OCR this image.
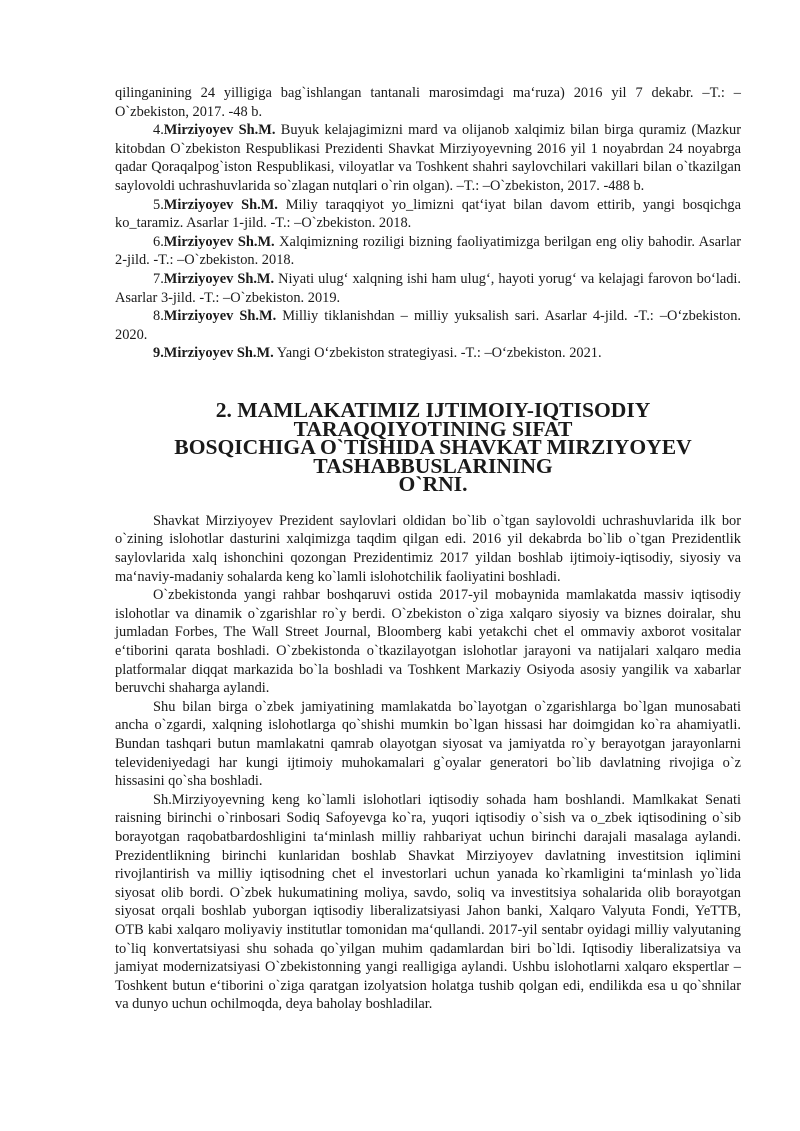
qilinganining 24 yilligiga bag`ishlangan tantanali marosimdagi ma‘ruza) 2016 yil 7 dekabr. –T.: –O`zbekiston, 2017. -48 b.

4.Mirziyoyev Sh.M. Buyuk kelajagimizni mard va olijanob xalqimiz bilan birga quramiz (Mazkur kitobdan O`zbekiston Respublikasi Prezidenti Shavkat Mirziyoyevning 2016 yil 1 noyabrdan 24 noyabrga qadar Qoraqalpog`iston Respublikasi, viloyatlar va Toshkent shahri saylovchilari vakillari bilan o`tkazilgan saylovoldi uchrashuvlarida so`zlagan nutqlari o`rin olgan). –T.: –O`zbekiston, 2017. -488 b.

5.Mirziyoyev Sh.M. Miliy taraqqiyot yo_limizni qat‘iyat bilan davom ettirib, yangi bosqichga ko_taramiz. Asarlar 1-jild. -T.: –O`zbekiston. 2018.

6.Mirziyoyev Sh.M. Xalqimizning roziligi bizning faoliyatimizga berilgan eng oliy bahodir. Asarlar 2-jild. -T.: –O`zbekiston. 2018.

7.Mirziyoyev Sh.M. Niyati ulug‘ xalqning ishi ham ulug‘, hayoti yorug‘ va kelajagi farovon bo‘ladi. Asarlar 3-jild. -T.: –O`zbekiston. 2019.

8.Mirziyoyev Sh.M. Milliy tiklanishdan – milliy yuksalish sari. Asarlar 4-jild. -T.: –O‘zbekiston. 2020.

9.Mirziyoyev Sh.M. Yangi O‘zbekiston strategiyasi. -T.: –O‘zbekiston. 2021.

2. MAMLAKATIMIZ IJTIMOIY-IQTISODIY TARAQQIYOTINING SIFAT
BOSQICHIGA O`TISHIDA SHAVKAT MIRZIYOYEV TASHABBUSLARINING
O`RNI.

Shavkat Mirziyoyev Prezident saylovlari oldidan bo`lib o`tgan saylovoldi uchrashuvlarida ilk bor o`zining islohotlar dasturini xalqimizga taqdim qilgan edi. 2016 yil dekabrda bo`lib o`tgan Prezidentlik saylovlarida xalq ishonchini qozongan Prezidentimiz 2017 yildan boshlab ijtimoiy-iqtisodiy, siyosiy va ma‘naviy-madaniy sohalarda keng ko`lamli islohotchilik faoliyatini boshladi.

O`zbekistonda yangi rahbar boshqaruvi ostida 2017-yil mobaynida mamlakatda massiv iqtisodiy islohotlar va dinamik o`zgarishlar ro`y berdi. O`zbekiston o`ziga xalqaro siyosiy va biznes doiralar, shu jumladan Forbes, The Wall Street Journal, Bloomberg kabi yetakchi chet el ommaviy axborot vositalar e‘tiborini qarata boshladi. O`zbekistonda o`tkazilayotgan islohotlar jarayoni va natijalari xalqaro media platformalar diqqat markazida bo`la boshladi va Toshkent Markaziy Osiyoda asosiy yangilik va xabarlar beruvchi shaharga aylandi.

Shu bilan birga o`zbek jamiyatining mamlakatda bo`layotgan o`zgarishlarga bo`lgan munosabati ancha o`zgardi, xalqning islohotlarga qo`shishi mumkin bo`lgan hissasi har doimgidan ko`ra ahamiyatli. Bundan tashqari butun mamlakatni qamrab olayotgan siyosat va jamiyatda ro`y berayotgan jarayonlarni televideniyedagi har kungi ijtimoiy muhokamalari g`oyalar generatori bo`lib davlatning rivojiga o`z hissasini qo`sha boshladi.

Sh.Mirziyoyevning keng ko`lamli islohotlari iqtisodiy sohada ham boshlandi. Mamlkakat Senati raisning birinchi o`rinbosari Sodiq Safoyevga ko`ra, yuqori iqtisodiy o`sish va o_zbek iqtisodining o`sib borayotgan raqobatbardoshligini ta‘minlash milliy rahbariyat uchun birinchi darajali masalaga aylandi. Prezidentlikning birinchi kunlaridan boshlab Shavkat Mirziyoyev davlatning investitsion iqlimini rivojlantirish va milliy iqtisodning chet el investorlari uchun yanada ko`rkamligini ta‘minlash yo`lida siyosat olib bordi. O`zbek hukumatining moliya, savdo, soliq va investitsiya sohalarida olib borayotgan siyosat orqali boshlab yuborgan iqtisodiy liberalizatsiyasi Jahon banki, Xalqaro Valyuta Fondi, YeTTB, OTB kabi xalqaro moliyaviy institutlar tomonidan ma‘qullandi. 2017-yil sentabr oyidagi milliy valyutaning to`liq konvertatsiyasi shu sohada qo`yilgan muhim qadamlardan biri bo`ldi. Iqtisodiy liberalizatsiya va jamiyat modernizatsiyasi O`zbekistonning yangi realligiga aylandi. Ushbu islohotlarni xalqaro ekspertlar –Toshkent butun e‘tiborini o`ziga qaratgan izolyatsion holatga tushib qolgan edi, endilikda esa u qo`shnilar va dunyo uchun ochilmoqda, deya baholay boshladilar.
